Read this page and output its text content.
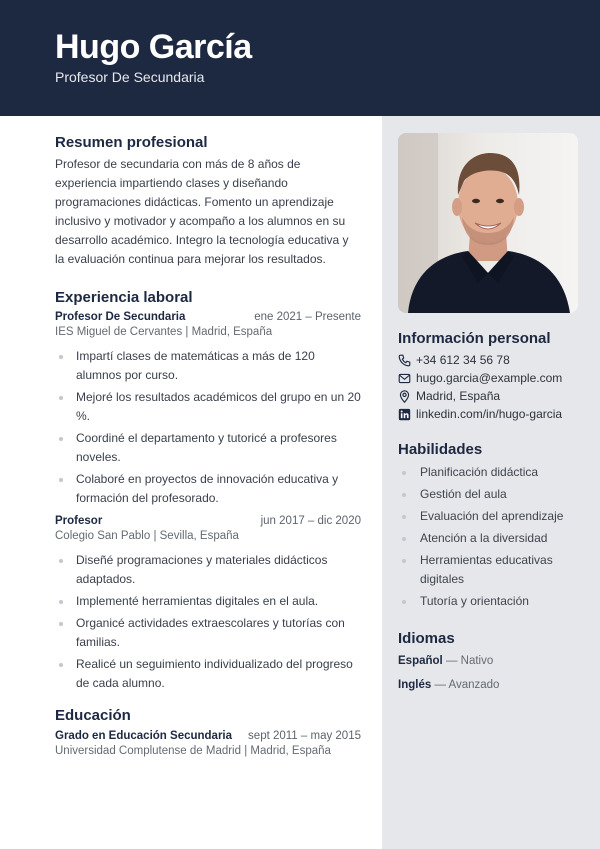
Hugo García
Profesor De Secundaria
Resumen profesional

Profesor de secundaria con más de 8 años de experiencia impartiendo clases y diseñando programaciones didácticas. Fomento un aprendizaje inclusivo y motivador y acompaño a los alumnos en su desarrollo académico. Integro la tecnología educativa y la evaluación continua para mejorar los resultados.

Experiencia laboral
Profesor De Secundaria	ene 2021 – Presente
IES Miguel de Cervantes | Madrid, España
Impartí clases de matemáticas a más de 120 alumnos por curso.
Mejoré los resultados académicos del grupo en un 20 %.
Coordiné el departamento y tutoricé a profesores noveles.
Colaboré en proyectos de innovación educativa y formación del profesorado.
Profesor	jun 2017 – dic 2020
Colegio San Pablo | Sevilla, España
Diseñé programaciones y materiales didácticos adaptados.
Implementé herramientas digitales en el aula.
Organicé actividades extraescolares y tutorías con familias.
Realicé un seguimiento individualizado del progreso de cada alumno.
Educación
Grado en Educación Secundaria sept 2011 – may 2015
Universidad Complutense de Madrid | Madrid, España
Información personal
+34 612 34 56 78
hugo.garcia@example.com
Madrid, España
linkedin.com/in/hugo-garcia
Habilidades
Planificación didáctica
Gestión del aula
Evaluación del aprendizaje
Atención a la diversidad
Herramientas educativas digitales
Tutoría y orientación
Idiomas
Español — Nativo
Inglés — Avanzado
